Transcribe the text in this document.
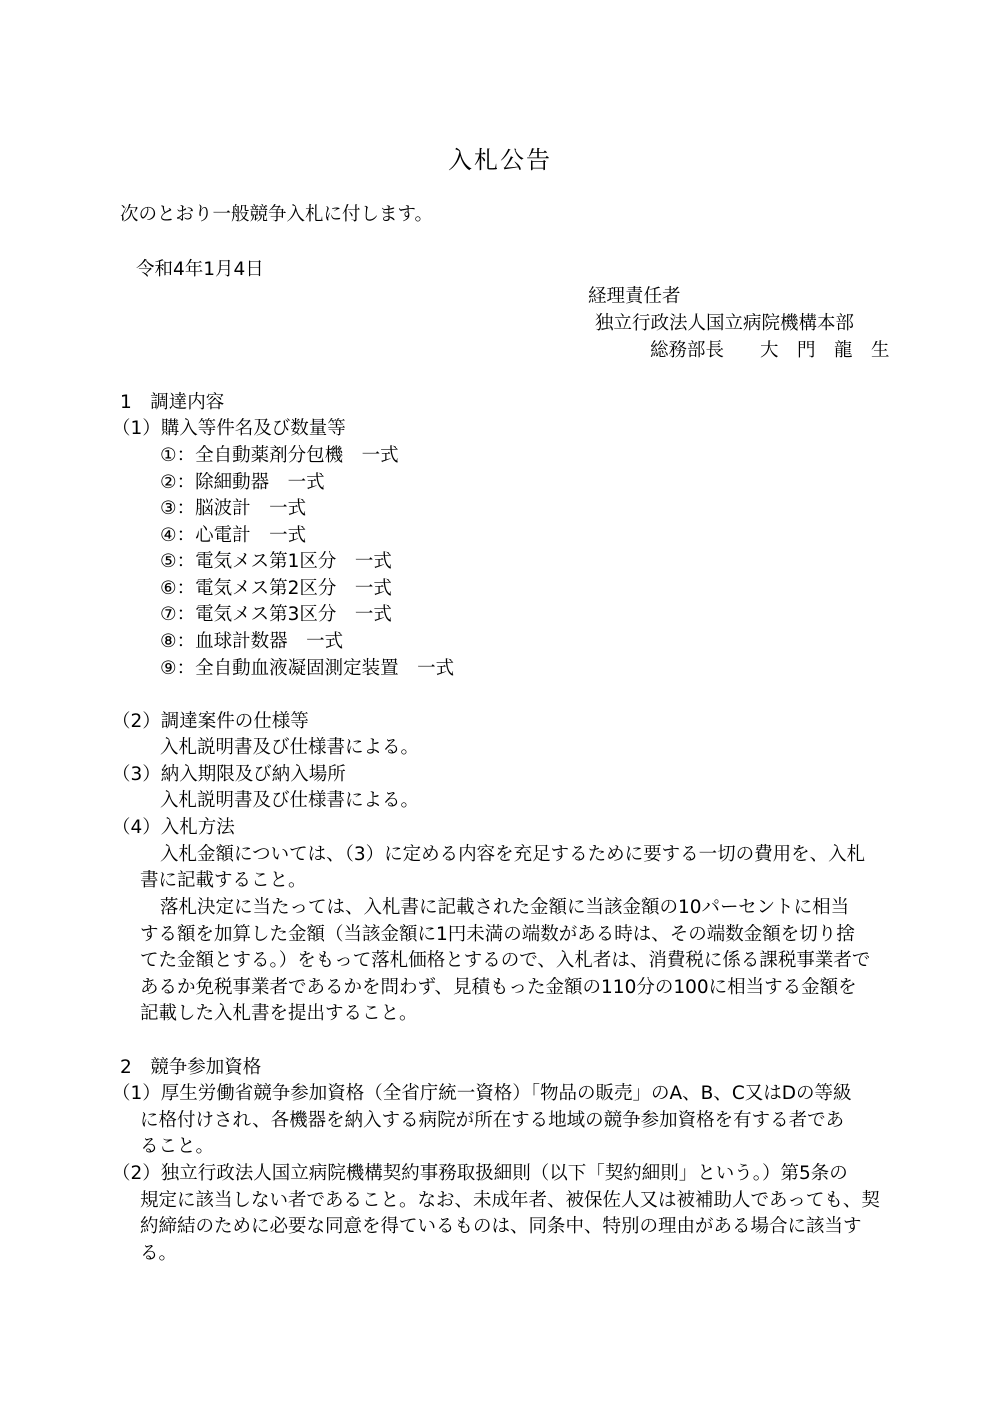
入札公告
次のとおり一般競争入札に付します。
令和4年1月4日
経理責任者
独立行政法人国立病院機構本部
総務部長 大　門　龍　生
1　調達内容
（1）購入等件名及び数量等
①：全自動薬剤分包機　一式
②：除細動器　一式
③：脳波計　一式
④：心電計　一式
⑤：電気メス第1区分　一式
⑥：電気メス第2区分　一式
⑦：電気メス第3区分　一式
⑧：血球計数器　一式
⑨：全自動血液凝固測定装置　一式
（2）調達案件の仕様等
入札説明書及び仕様書による。
（3）納入期限及び納入場所
入札説明書及び仕様書による。
（4）入札方法
入札金額については、（3）に定める内容を充足するために要する一切の費用を、入札
書に記載すること。
落札決定に当たっては、入札書に記載された金額に当該金額の10パーセントに相当
する額を加算した金額（当該金額に1円未満の端数がある時は、その端数金額を切り捨
てた金額とする。）をもって落札価格とするので、入札者は、消費税に係る課税事業者で
あるか免税事業者であるかを問わず、見積もった金額の110分の100に相当する金額を
記載した入札書を提出すること。
2　競争参加資格
（1）厚生労働省競争参加資格（全省庁統一資格）「物品の販売」のA、B、C又はDの等級
に格付けされ、各機器を納入する病院が所在する地域の競争参加資格を有する者であ
ること。
（2）独立行政法人国立病院機構契約事務取扱細則（以下「契約細則」という。）第5条の
規定に該当しない者であること。なお、未成年者、被保佐人又は被補助人であっても、契
約締結のために必要な同意を得ているものは、同条中、特別の理由がある場合に該当す
る。
